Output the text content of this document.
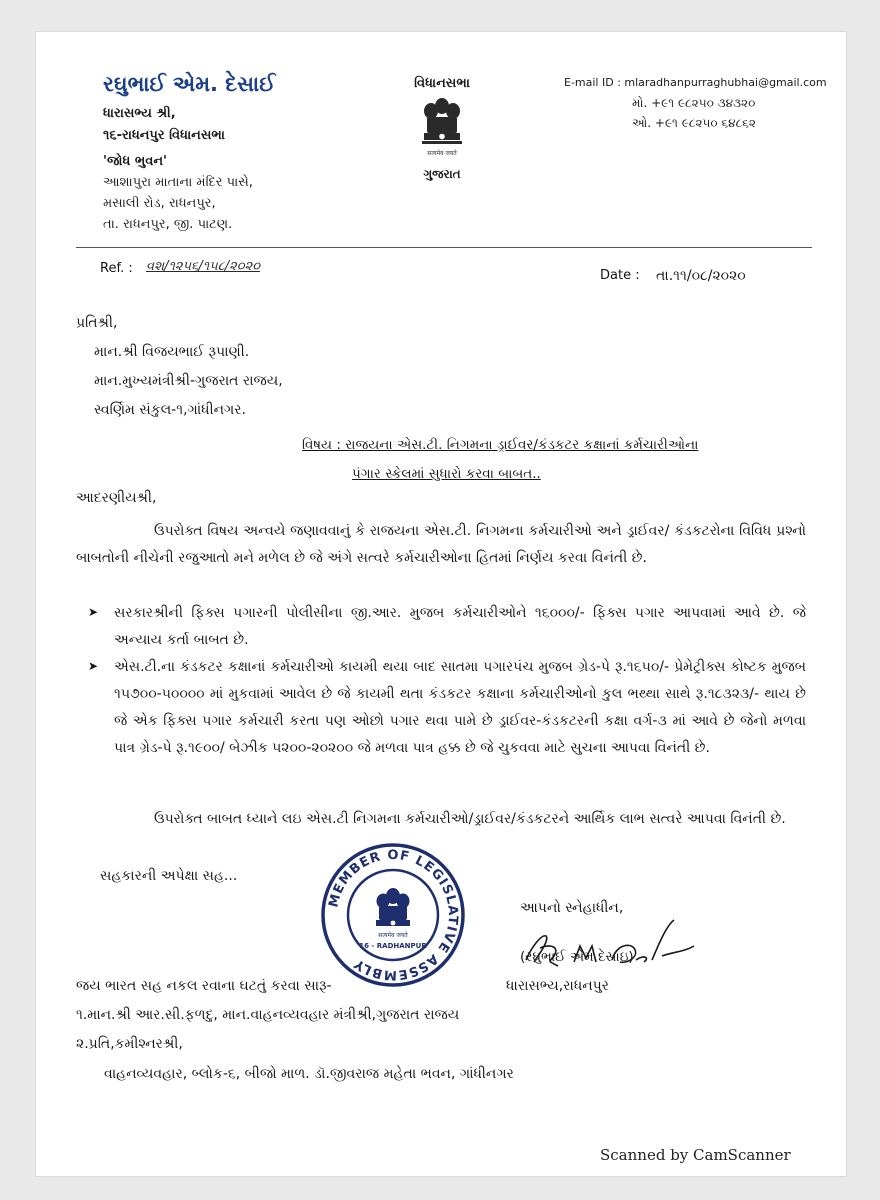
રઘુભાઈ એમ. દેસાઈ
ધારાસભ્ય શ્રી,
૧૬-રાધનપુર વિધાનસભા
'જોધ ભુવન'
આશાપુરા માતાના મંદિર પાસે,
મસાલી રોડ, રાધનપુર,
તા. રાધનપુર, જી. પાટણ.
વિધાનસભા
सत्यमेव जयते
ગુજરાત
E-mail ID : mlaradhanpurraghubhai@gmail.com
મો. +૯૧ ૯૮૨૫૦ ૩૪૩૨૦
ઓ. +૯૧ ૯૮૨૫૦ ૬૪૮૬૨
Ref. : વશ/૧૨૫૬/૧૫૮/૨૦૨૦
Date : તા.૧૧/૦૮/૨૦૨૦
પ્રતિશ્રી,
માન.શ્રી વિજયભાઈ રૂપાણી.
માન.મુખ્યમંત્રીશ્રી-ગુજરાત રાજય,
સ્વર્ણિમ સંકુલ-૧,ગાંધીનગર.
વિષય : રાજયના એસ.ટી. નિગમના ડ્રાઈવર/કંડકટર કક્ષાનાં કર્મચારીઓના
પંગાર સ્કેલમાં સુધારો કરવા બાબત..
આદરણીયશ્રી,
ઉપરોક્ત વિષય અન્વયે જણાવવાનું કે રાજયના એસ.ટી. નિગમના કર્મચારીઓ અને ડ્રાઈવર/ કંડકટરોના વિવિધ પ્રશ્નો બાબતોની નીચેની રજુઆતો મને મળેલ છે જે અંગે સત્વરે કર્મચારીઓના હિતમાં નિર્ણય કરવા વિનંતી છે.
➤ સરકારશ્રીની ફિક્સ પગારની પોલીસીના જી.આર. મુજબ કર્મચારીઓને ૧૬૦૦૦/- ફિક્સ પગાર આપવામાં આવે છે. જે અન્યાય કર્તા બાબત છે.
➤ એસ.ટી.ના કંડકટર કક્ષાનાં કર્મચારીઓ કાયમી થયા બાદ સાતમા પગારપંચ મુજબ ગ્રેડ-પે રૂ.૧૬૫૦/- પ્રેમેટ્રીક્સ કોષ્ટક મુજબ ૧૫૭૦૦-૫૦૦૦૦ માં મુકવામાં આવેલ છે જે કાયમી થતા કંડકટર કક્ષાના કર્મચારીઓનો કુલ ભથ્થા સાથે રૂ.૧૮૩૨૩/- થાય છે જે એક ફિક્સ પગાર કર્મચારી કરતા પણ ઓછો પગાર થવા પામે છે ડ્રાઈવર-કંડકટરની કક્ષા વર્ગ-૩ માં આવે છે જેનો મળવા પાત્ર ગ્રેડ-પે રૂ.૧૯૦૦/ બેઝીક ૫૨૦૦-૨૦૨૦૦ જે મળવા પાત્ર હક્ક છે જે ચુકવવા માટે સુચના આપવા વિનંતી છે.
ઉપરોક્ત બાબત ધ્યાને લઇ એસ.ટી નિગમના કર્મચારીઓ/ડ્રાઈવર/કંડકટરને આર્થિક લાભ સત્વરે આપવા વિનંતી છે.
સહકારની અપેક્ષા સહ...
MEMBER OF LEGISLATIVE ASSEMBLY
सत्यमेव जयते
16 - RADHANPUR
આપનો સ્નેહાધીન,
(રઘુભાઈ એમ.દેસાઇ)
જય ભારત સહ નકલ રવાના ઘટતું કરવા સારૂ-	ધારાસભ્ય,રાધનપુર
૧.માન.શ્રી આર.સી.ફળદુ, માન.વાહનવ્યવહાર મંત્રીશ્રી,ગુજરાત રાજય
૨.પ્રતિ,કમીશ્નરશ્રી,
વાહનવ્યવહાર, બ્લોક-૬, બીજો માળ. ડૉ.જીવરાજ મહેતા ભવન, ગાંધીનગર
Scanned by CamScanner
